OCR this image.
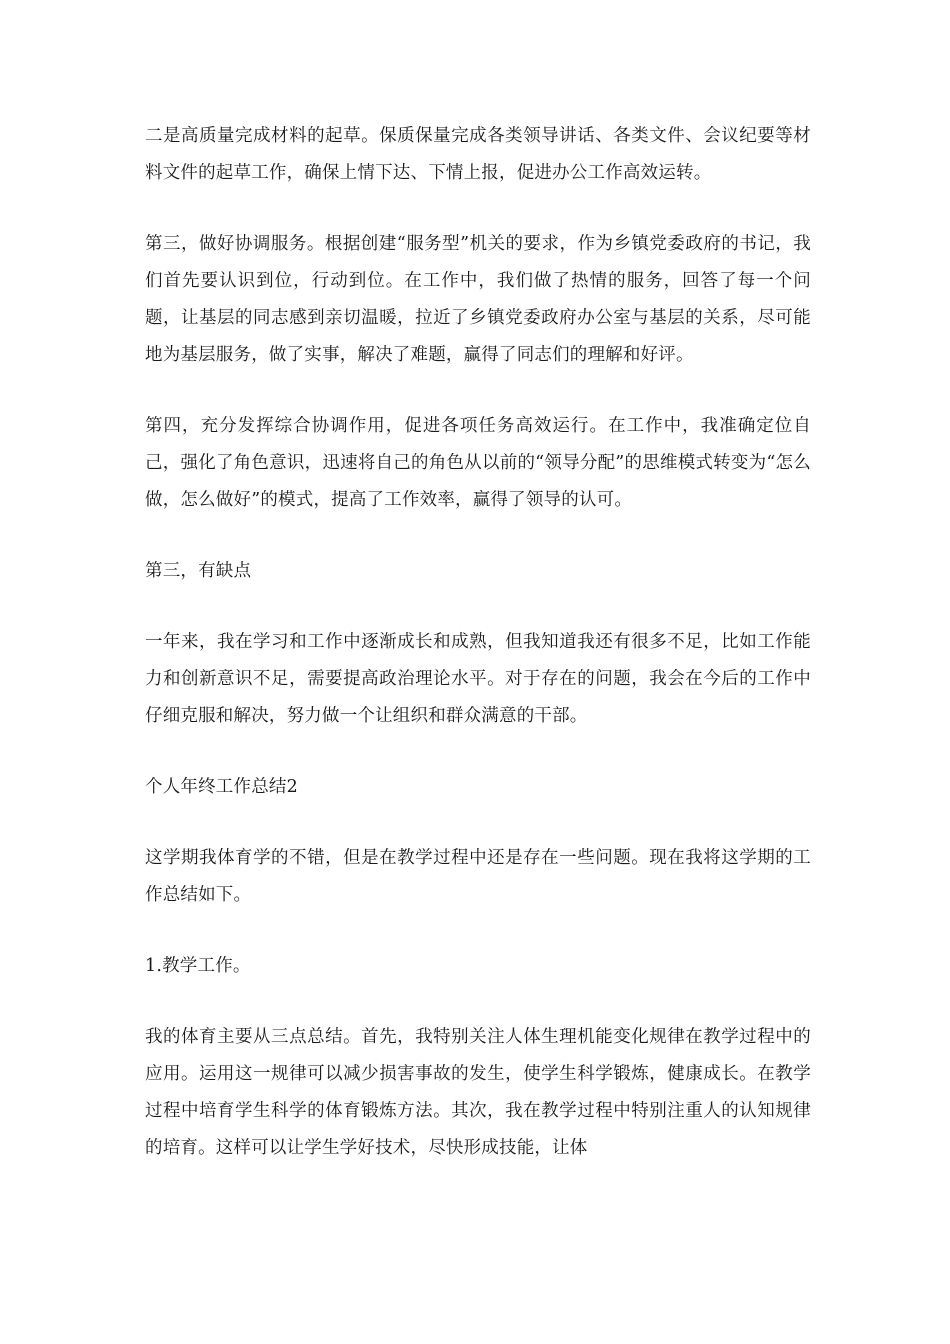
二是高质量完成材料的起草。保质保量完成各类领导讲话、各类文件、会议纪要等材料文件的起草工作，确保上情下达、下情上报，促进办公工作高效运转。

第三，做好协调服务。根据创建“服务型”机关的要求，作为乡镇党委政府的书记，我们首先要认识到位，行动到位。在工作中，我们做了热情的服务，回答了每一个问题，让基层的同志感到亲切温暖，拉近了乡镇党委政府办公室与基层的关系，尽可能地为基层服务，做了实事，解决了难题，赢得了同志们的理解和好评。

第四，充分发挥综合协调作用，促进各项任务高效运行。在工作中，我准确定位自己，强化了角色意识，迅速将自己的角色从以前的“领导分配”的思维模式转变为“怎么做，怎么做好”的模式，提高了工作效率，赢得了领导的认可。

第三，有缺点

一年来，我在学习和工作中逐渐成长和成熟，但我知道我还有很多不足，比如工作能力和创新意识不足，需要提高政治理论水平。对于存在的问题，我会在今后的工作中仔细克服和解决，努力做一个让组织和群众满意的干部。

个人年终工作总结2

这学期我体育学的不错，但是在教学过程中还是存在一些问题。现在我将这学期的工作总结如下。

1.教学工作。

我的体育主要从三点总结。首先，我特别关注人体生理机能变化规律在教学过程中的应用。运用这一规律可以减少损害事故的发生，使学生科学锻炼，健康成长。在教学过程中培育学生科学的体育锻炼方法。其次，我在教学过程中特别注重人的认知规律的培育。这样可以让学生学好技术，尽快形成技能，让体
